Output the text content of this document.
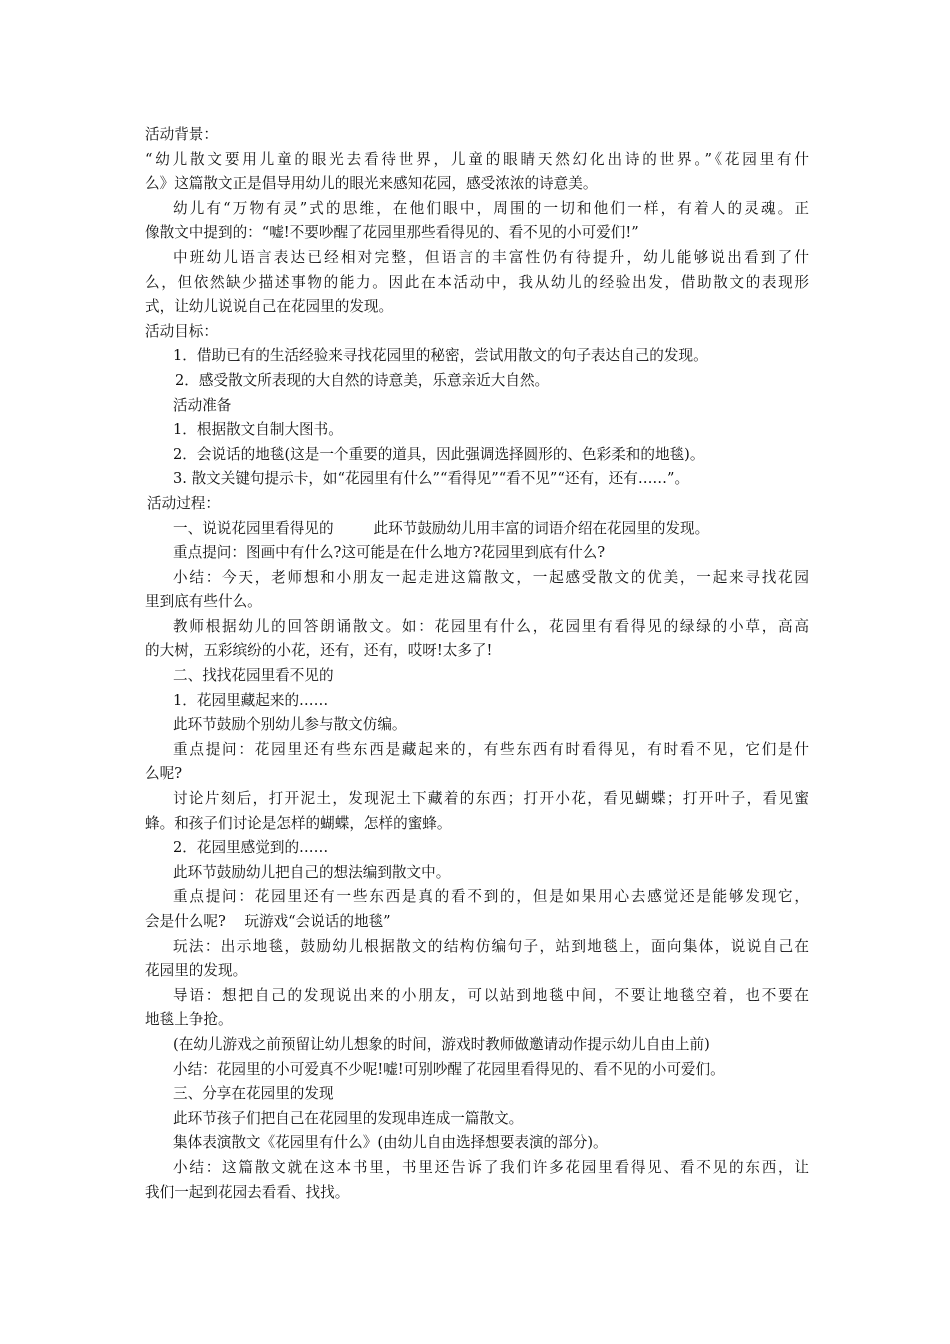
活动背景：
“幼儿散文要用儿童的眼光去看待世界，儿童的眼睛天然幻化出诗的世界。”《花园里有什
么》这篇散文正是倡导用幼儿的眼光来感知花园，感受浓浓的诗意美。
幼儿有“万物有灵”式的思维，在他们眼中，周围的一切和他们一样，有着人的灵魂。正
像散文中提到的：“嘘!不要吵醒了花园里那些看得见的、看不见的小可爱们!”
中班幼儿语言表达已经相对完整，但语言的丰富性仍有待提升，幼儿能够说出看到了什
么，但依然缺少描述事物的能力。因此在本活动中，我从幼儿的经验出发，借助散文的表现形
式，让幼儿说说自己在花园里的发现。
活动目标：
1．借助已有的生活经验来寻找花园里的秘密，尝试用散文的句子表达自己的发现。
2．感受散文所表现的大自然的诗意美，乐意亲近大自然。
活动准备
1．根据散文自制大图书。
2．会说话的地毯(这是一个重要的道具，因此强调选择圆形的、色彩柔和的地毯)。
3. 散文关键句提示卡，如“花园里有什么”“看得见”“看不见”“还有，还有……”。
活动过程：
一、说说花园里看得见的	此环节鼓励幼儿用丰富的词语介绍在花园里的发现。
重点提问：图画中有什么?这可能是在什么地方?花园里到底有什么?
小结：今天，老师想和小朋友一起走进这篇散文，一起感受散文的优美，一起来寻找花园
里到底有些什么。
教师根据幼儿的回答朗诵散文。如：花园里有什么，花园里有看得见的绿绿的小草，高高
的大树，五彩缤纷的小花，还有，还有，哎呀!太多了!
二、找找花园里看不见的
1．花园里藏起来的……
此环节鼓励个别幼儿参与散文仿编。
重点提问：花园里还有些东西是藏起来的，有些东西有时看得见，有时看不见，它们是什
么呢?
讨论片刻后，打开泥土，发现泥土下藏着的东西；打开小花，看见蝴蝶；打开叶子，看见蜜
蜂。和孩子们讨论是怎样的蝴蝶，怎样的蜜蜂。
2．花园里感觉到的……
此环节鼓励幼儿把自己的想法编到散文中。
重点提问：花园里还有一些东西是真的看不到的，但是如果用心去感觉还是能够发现它，
会是什么呢? 玩游戏“会说话的地毯”
玩法：出示地毯，鼓励幼儿根据散文的结构仿编句子，站到地毯上，面向集体，说说自己在
花园里的发现。
导语：想把自己的发现说出来的小朋友，可以站到地毯中间，不要让地毯空着，也不要在
地毯上争抢。
(在幼儿游戏之前预留让幼儿想象的时间，游戏时教师做邀请动作提示幼儿自由上前)
小结：花园里的小可爱真不少呢!嘘!可别吵醒了花园里看得见的、看不见的小可爱们。
三、分享在花园里的发现
此环节孩子们把自己在花园里的发现串连成一篇散文。
集体表演散文《花园里有什么》(由幼儿自由选择想要表演的部分)。
小结：这篇散文就在这本书里，书里还告诉了我们许多花园里看得见、看不见的东西，让
我们一起到花园去看看、找找。
